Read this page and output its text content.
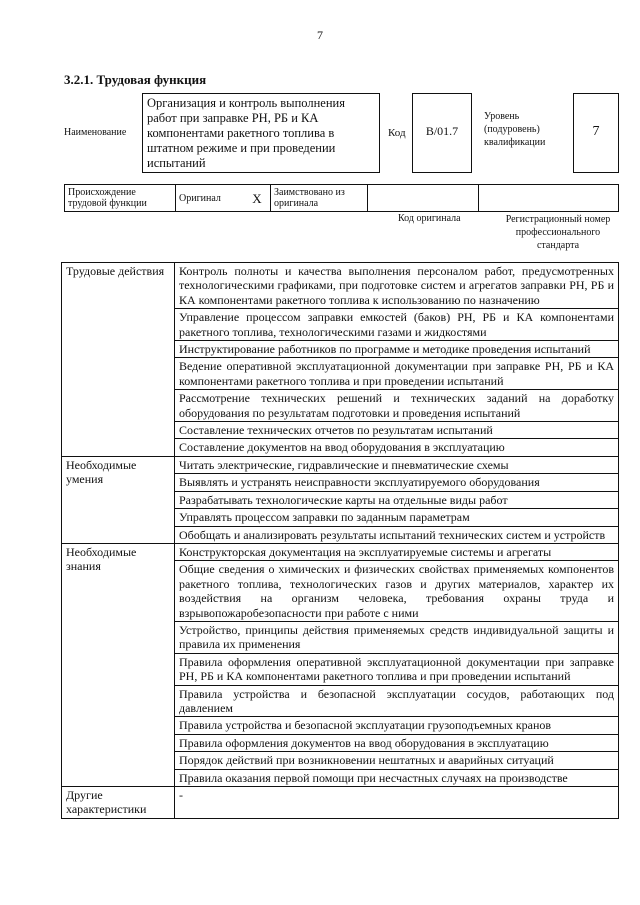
7
3.2.1. Трудовая функция
Наименование
Организация и контроль выполнения работ при заправке РН, РБ и КА компонентами ракетного топлива в штатном режиме и при проведении испытаний
Код	B/01.7
Уровень (подуровень) квалификации
7
Происхождение трудовой функции	Оригинал	X	Заимствовано из оригинала		
Код оригинала	Регистрационный номер профессионального стандарта
Трудовые действия	Контроль полноты и качества выполнения персоналом работ, предусмотренных технологическими графиками, при подготовке систем и агрегатов заправки РН, РБ и КА компонентами ракетного топлива к использованию по назначению
	Управление процессом заправки емкостей (баков) РН, РБ и КА компонентами ракетного топлива, технологическими газами и жидкостями
	Инструктирование работников по программе и методике проведения испытаний
	Ведение оперативной эксплуатационной документации при заправке РН, РБ и КА компонентами ракетного топлива и при проведении испытаний
	Рассмотрение технических решений и технических заданий на доработку оборудования по результатам подготовки и проведения испытаний
	Составление технических отчетов по результатам испытаний
	Составление документов на ввод оборудования в эксплуатацию
Необходимые умения	Читать электрические, гидравлические и пневматические схемы
	Выявлять и устранять неисправности эксплуатируемого оборудования
	Разрабатывать технологические карты на отдельные виды работ
	Управлять процессом заправки по заданным параметрам
	Обобщать и анализировать результаты испытаний технических систем и устройств
Необходимые знания	Конструкторская документация на эксплуатируемые системы и агрегаты
	Общие сведения о химических и физических свойствах применяемых компонентов ракетного топлива, технологических газов и других материалов, характер их воздействия на организм человека, требования охраны труда и взрывопожаробезопасности при работе с ними
	Устройство, принципы действия применяемых средств индивидуальной защиты и правила их применения
	Правила оформления оперативной эксплуатационной документации при заправке РН, РБ и КА компонентами ракетного топлива и при проведении испытаний
	Правила устройства и безопасной эксплуатации сосудов, работающих под давлением
	Правила устройства и безопасной эксплуатации грузоподъемных кранов
	Правила оформления документов на ввод оборудования в эксплуатацию
	Порядок действий при возникновении нештатных и аварийных ситуаций
	Правила оказания первой помощи при несчастных случаях на производстве
Другие характеристики	-
